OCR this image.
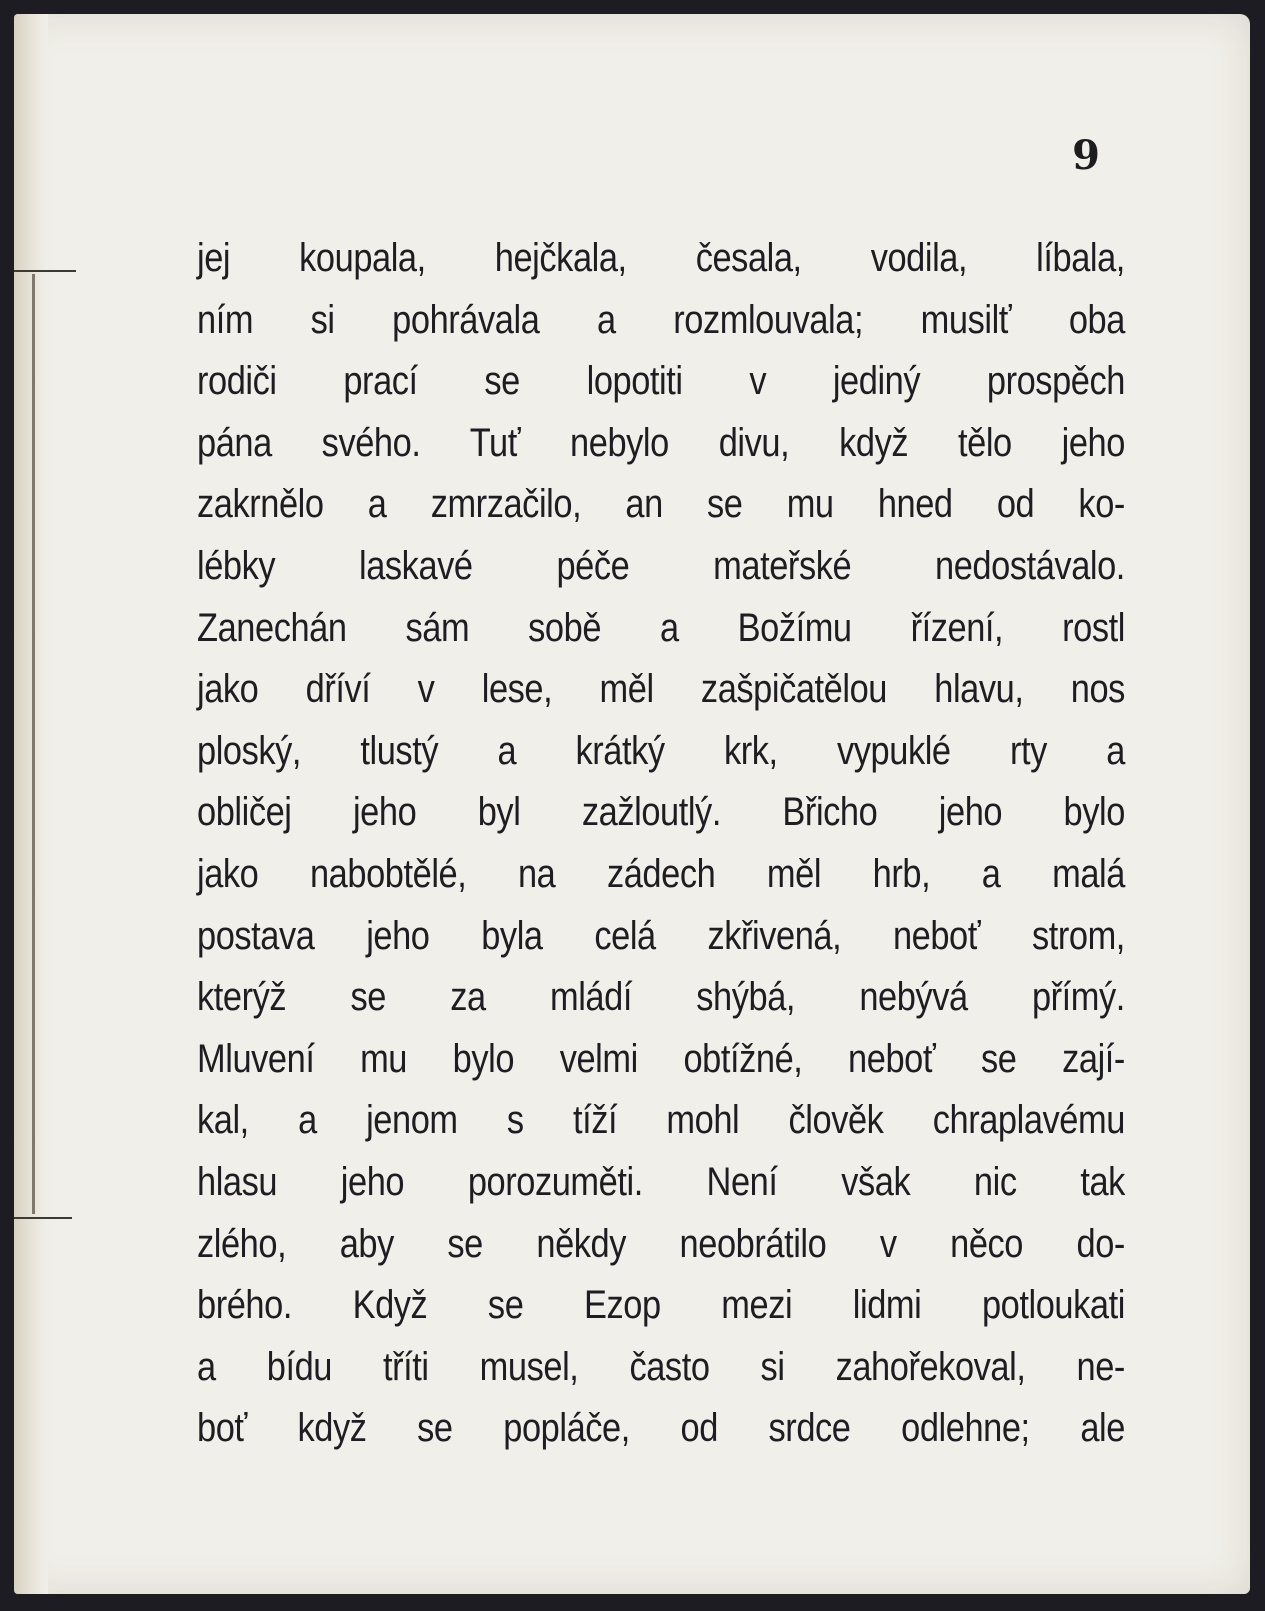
9

jej koupala, hejčkala, česala, vodila, líbala,
ním si pohrávala a rozmlouvala; musilť oba
rodiči prací se lopotiti v jediný prospěch
pána svého. Tuť nebylo divu, když tělo jeho
zakrnělo a zmrzačilo, an se mu hned od ko-
lébky laskavé péče mateřské nedostávalo.
Zanechán sám sobě a Božímu řízení, rostl
jako dříví v lese, měl zašpičatělou hlavu, nos
ploský, tlustý a krátký krk, vypuklé rty a
obličej jeho byl zažloutlý. Břicho jeho bylo
jako nabobtělé, na zádech měl hrb, a malá
postava jeho byla celá zkřivená, neboť strom,
kterýž se za mládí shýbá, nebývá přímý.
Mluvení mu bylo velmi obtížné, neboť se zají-
kal, a jenom s tíží mohl člověk chraplavému
hlasu jeho porozuměti. Není však nic tak
zlého, aby se někdy neobrátilo v něco do-
brého. Když se Ezop mezi lidmi potloukati
a bídu tříti musel, často si zahořekoval, ne-
boť když se popláče, od srdce odlehne; ale
